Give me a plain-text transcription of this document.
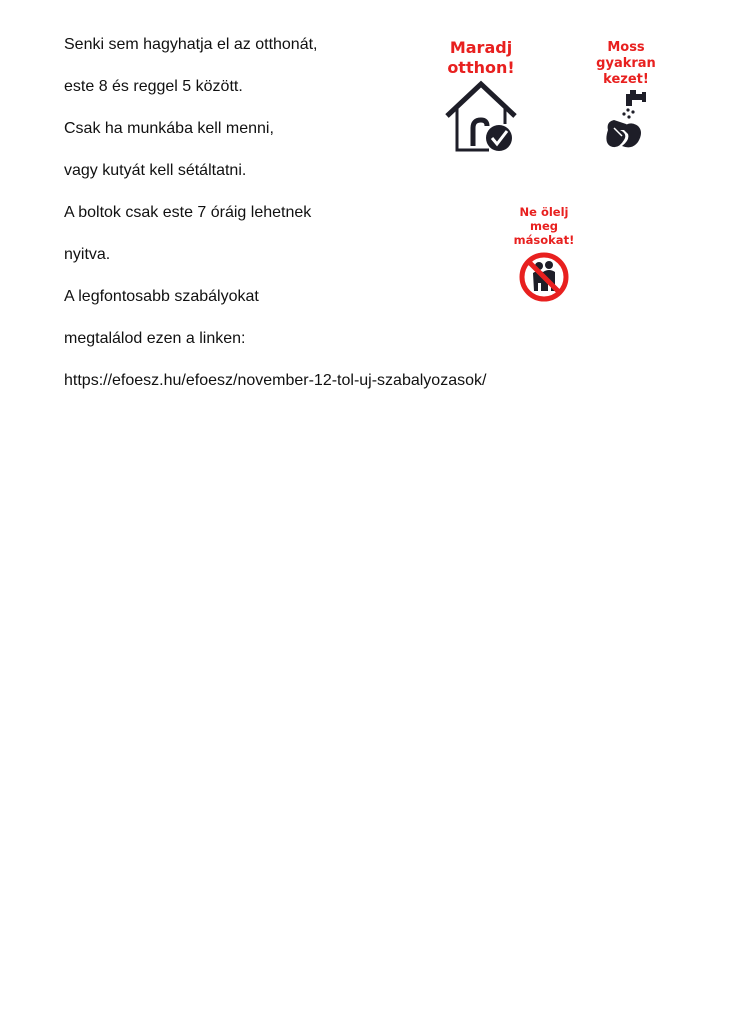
Senki sem hagyhatja el az otthonát,
este 8 és reggel 5 között.
Csak ha munkába kell menni,
vagy kutyát kell sétáltatni.
A boltok csak este 7 óráig lehetnek
nyitva.
A legfontosabb szabályokat
megtalálod ezen a linken:
https://efoesz.hu/efoesz/november-12-tol-uj-szabalyozasok/
Maradj
otthon!
Moss
gyakran
kezet!
Ne ölelj
meg
másokat!
